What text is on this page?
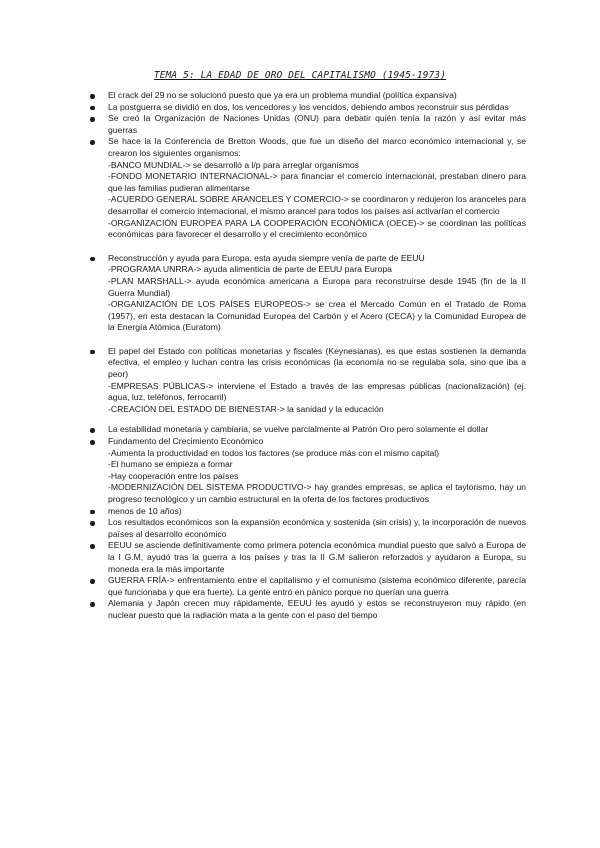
TEMA 5: LA EDAD DE ORO DEL CAPITALISMO (1945-1973)
El crack del 29 no se solucionó puesto que ya era un problema mundial (política expansiva)
La postguerra se dividió en dos, los vencedores y los vencidos, debiendo ambos reconstruir sus pérdidas
Se creó la Organización de Naciones Unidas (ONU) para debatir quién tenía la razón y así evitar más guerras
Se hace la la Conferencia de Bretton Woods, que fue un diseño del marco económico internacional y, se crearon los siguientes organismos:
-BANCO MUNDIAL-> se desarrolló a l/p para arreglar organismos
-FONDO MONETARIO INTERNACIONAL-> para financiar el comercio internacional, prestaban dinero para que las familias pudieran alimentarse
-ACUERDO GENERAL SOBRE ARANCELES Y COMERCIO-> se coordinaron y redujeron los aranceles para desarrollar el comercio internacional, el mismo arancel para todos los países así activarían el comercio
-ORGANIZACIÓN EUROPEA PARA LA COOPERACIÓN ECONÓMICA (OECE)-> se coordinan las políticas económicas para favorecer el desarrollo y el crecimiento económico
Reconstrucción y ayuda para Europa. esta ayuda siempre venía de parte de EEUU
-PROGRAMA UNRRA-> ayuda alimenticia de parte de EEUU para Europa
-PLAN MARSHALL-> ayuda económica americana a Europa para reconstruirse desde 1945 (fin de la II Guerra Mundial)
-ORGANIZACIÓN DE LOS PAÍSES EUROPEOS-> se crea el Mercado Común en el Tratado de Roma (1957), en esta destacan la Comunidad Europea del Carbón y el Acero (CECA) y la Comunidad Europea de la Energía Atómica (Euratom)
El papel del Estado con políticas monetarias y fiscales (Keynesianas), es que estas sostienen la demanda efectiva, el empleo y luchan contra las crisis económicas (la economía no se regulaba sola, sino que iba a peor)
-EMPRESAS PÚBLICAS-> interviene el Estado a través de las empresas públicas (nacionalización) (ej. agua, luz, teléfonos, ferrocarril)
-CREACIÓN DEL ESTADO DE BIENESTAR-> la sanidad y la educación
La estabilidad monetaria y cambiaria, se vuelve parcialmente al Patrón Oro pero solamente el dollar
Fundamento del Crecimiento Económico
-Aumenta la productividad en todos los factores (se produce más con el mismo capital)
-El humano se empieza a formar
-Hay cooperación entre los países
-MODERNIZACIÓN DEL SISTEMA PRODUCTIVO-> hay grandes empresas, se aplica el taylorismo, hay un progreso tecnológico y un cambio estructural en la oferta de los factores productivos
menos de 10 años)
Los resultados económicos son la expansión económica y sostenida (sin crisis) y, la incorporación de nuevos países al desarrollo económico
EEUU se asciende definitivamente como primera potencia económica mundial puesto que salvó a Europa de la I G.M, ayudó tras la guerra a los países y tras la II G.M salieron reforzados y ayudaron a Europa, su moneda era la más importante
GUERRA FRÍA-> enfrentamiento entre el capitalismo y el comunismo (sistema económico diferente, parecía que funcionaba y que era fuerte). La gente entró en pánico porque no querían una guerra
Alemania y Japón crecen muy rápidamente, EEUU les ayudó y estos se reconstruyeron muy rápido (en nuclear puesto que la radiación mata a la gente con el paso del tiempo
